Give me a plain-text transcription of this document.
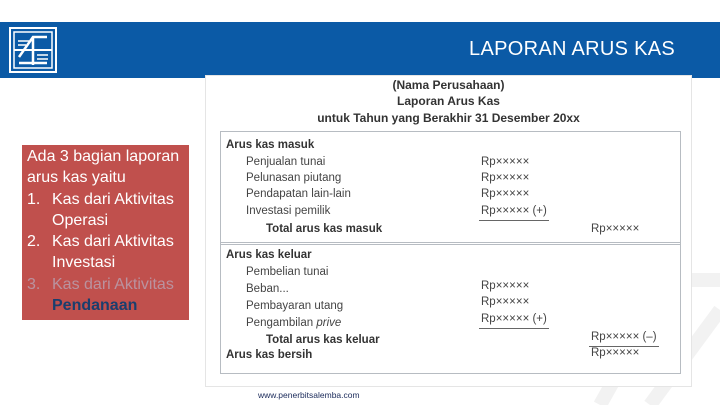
LAPORAN ARUS KAS
Ada 3 bagian laporan arus kas yaitu
1. Kas dari Aktivitas Operasi
2. Kas dari Aktivitas Investasi
3. Kas dari Aktivitas
Pendanaan
(Nama Perusahaan)
Laporan Arus Kas
untuk Tahun yang Berakhir 31 Desember 20xx
Arus kas masuk
Penjualan tunai	Rp×××××
Pelunasan piutang	Rp×××××
Pendapatan lain-lain	Rp×××××
Investasi pemilik	Rp××××× (+)
Total arus kas masuk	Rp×××××
Arus kas keluar
Pembelian tunai
Beban...	Rp×××××
Pembayaran utang	Rp×××××
Pengambilan prive	Rp××××× (+)
Total arus kas keluar	Rp××××× (–)
Arus kas bersih	Rp×××××
www.penerbitsalemba.com
